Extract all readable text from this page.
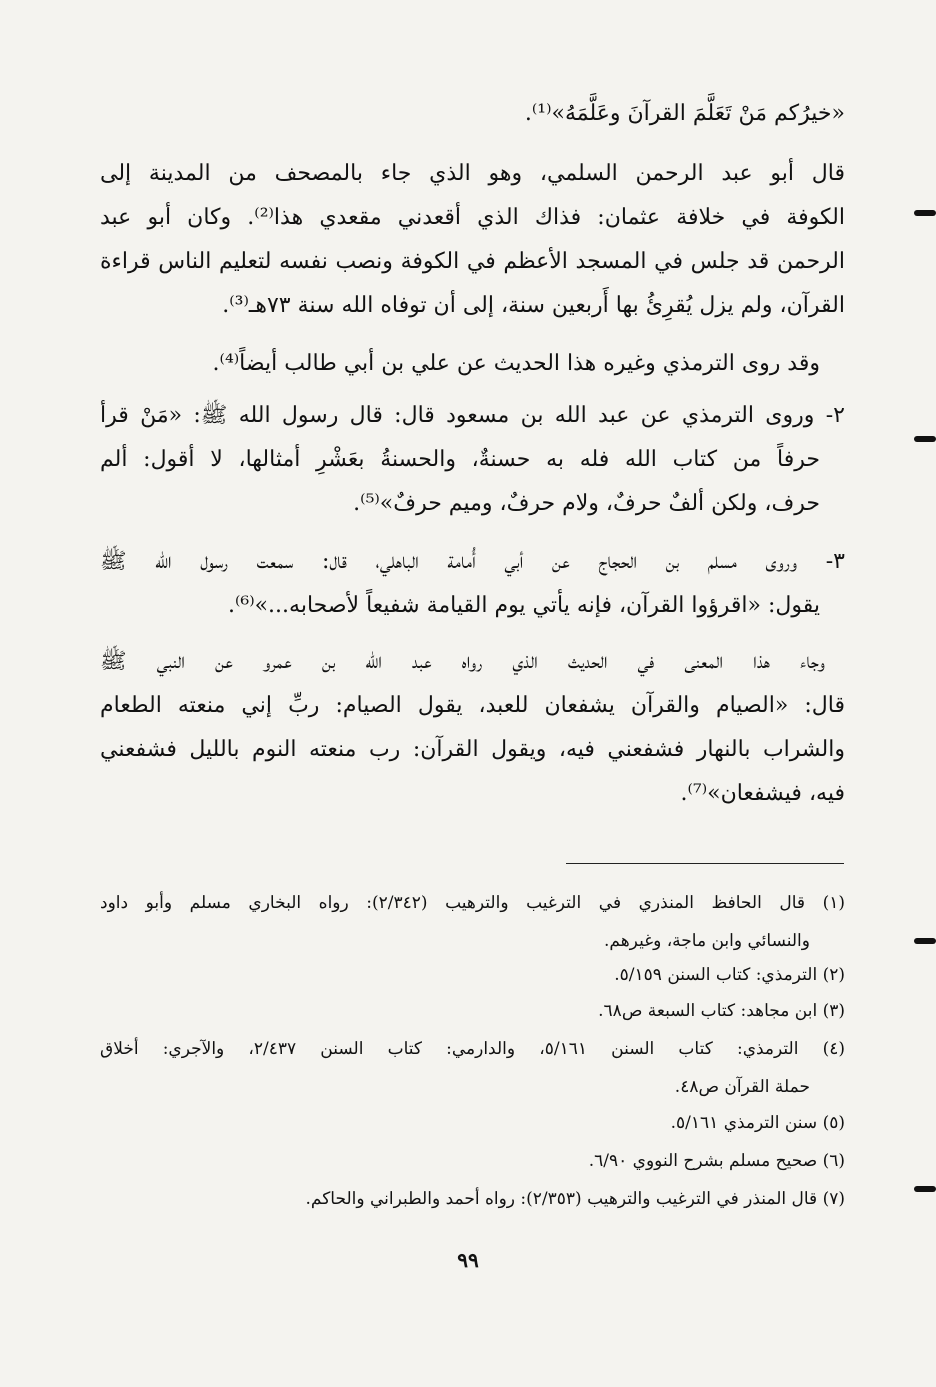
«خيرُكم مَنْ تَعَلَّمَ القرآنَ وعَلَّمَهُ»⁽¹⁾.
قال أبو عبد الرحمن السلمي، وهو الذي جاء بالمصحف من المدينة إلى
الكوفة في خلافة عثمان: فذاك الذي أقعدني مقعدي هذا⁽²⁾. وكان أبو عبد
الرحمن قد جلس في المسجد الأعظم في الكوفة ونصب نفسه لتعليم الناس قراءة
القرآن، ولم يزل يُقرِئُ بها أَربعين سنة، إلى أن توفاه الله سنة ٧٣هـ⁽³⁾.
وقد روى الترمذي وغيره هذا الحديث عن علي بن أبي طالب أيضاً⁽⁴⁾.
٢- وروى الترمذي عن عبد الله بن مسعود قال: قال رسول الله ﷺ: «مَنْ قرأ
حرفاً من كتاب الله فله به حسنةٌ، والحسنةُ بعَشْرِ أمثالها، لا أقول: ألم
حرف، ولكن ألفٌ حرفٌ، ولام حرفٌ، وميم حرفٌ»⁽⁵⁾.
٣- وروى مسلم بن الحجاج عن أبي أُمامة الباهلي، قال: سمعت رسول الله ﷺ
يقول: «اقرؤوا القرآن، فإنه يأتي يوم القيامة شفيعاً لأصحابه...»⁽⁶⁾.
وجاء هذا المعنى في الحديث الذي رواه عبد الله بن عمرو عن النبي ﷺ
قال: «الصيام والقرآن يشفعان للعبد، يقول الصيام: ربِّ إني منعته الطعام
والشراب بالنهار فشفعني فيه، ويقول القرآن: رب منعته النوم بالليل فشفعني
فيه، فيشفعان»⁽⁷⁾.
(١) قال الحافظ المنذري في الترغيب والترهيب (٢/٣٤٢): رواه البخاري مسلم وأبو داود
والنسائي وابن ماجة، وغيرهم.
(٢) الترمذي: كتاب السنن ٥/١٥٩.
(٣) ابن مجاهد: كتاب السبعة ص٦٨.
(٤) الترمذي: كتاب السنن ٥/١٦١، والدارمي: كتاب السنن ٢/٤٣٧، والآجري: أخلاق
حملة القرآن ص٤٨.
(٥) سنن الترمذي ٥/١٦١.
(٦) صحيح مسلم بشرح النووي ٦/٩٠.
(٧) قال المنذر في الترغيب والترهيب (٢/٣٥٣): رواه أحمد والطبراني والحاكم.
٩٩
